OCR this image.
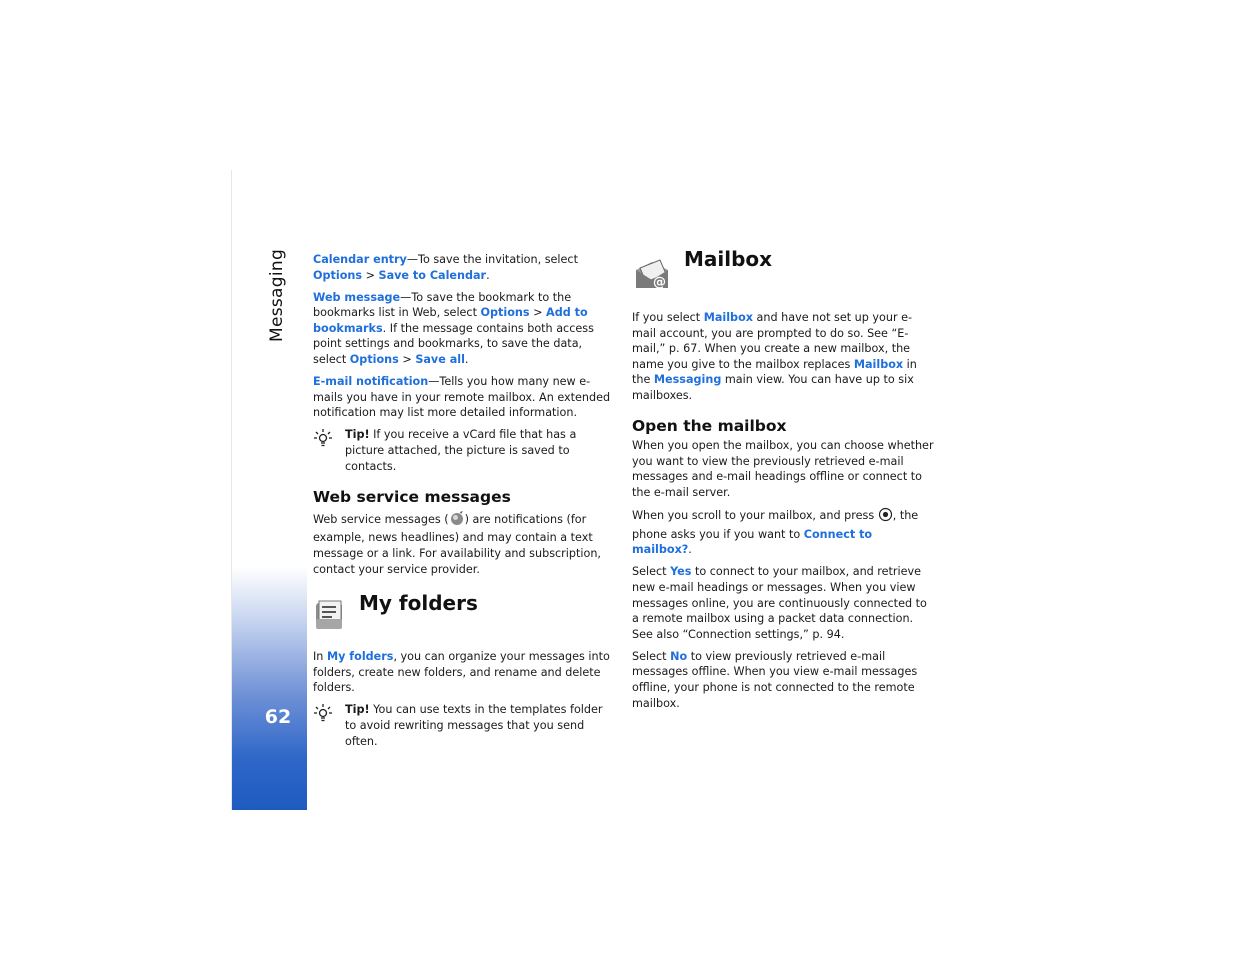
Messaging
62

Calendar entry—To save the invitation, select Options > Save to Calendar.

Web message—To save the bookmark to the bookmarks list in Web, select Options > Add to bookmarks. If the message contains both access point settings and bookmarks, to save the data, select Options > Save all.

E-mail notification—Tells you how many new e-mails you have in your remote mailbox. An extended notification may list more detailed information.

Tip! If you receive a vCard file that has a picture attached, the picture is saved to contacts.
Web service messages

Web service messages ( ) are notifications (for example, news headlines) and may contain a text message or a link. For availability and subscription, contact your service provider.

My folders

In My folders, you can organize your messages into folders, create new folders, and rename and delete folders.

Tip! You can use texts in the templates folder to avoid rewriting messages that you send often.
@
Mailbox

If you select Mailbox and have not set up your e-mail account, you are prompted to do so. See “E-mail,” p. 67. When you create a new mailbox, the name you give to the mailbox replaces Mailbox in the Messaging main view. You can have up to six mailboxes.

Open the mailbox

When you open the mailbox, you can choose whether you want to view the previously retrieved e-mail messages and e-mail headings offline or connect to the e-mail server.

When you scroll to your mailbox, and press , the phone asks you if you want to Connect to mailbox?.

Select Yes to connect to your mailbox, and retrieve new e-mail headings or messages. When you view messages online, you are continuously connected to a remote mailbox using a packet data connection. See also “Connection settings,” p. 94.

Select No to view previously retrieved e-mail messages offline. When you view e-mail messages offline, your phone is not connected to the remote mailbox.
